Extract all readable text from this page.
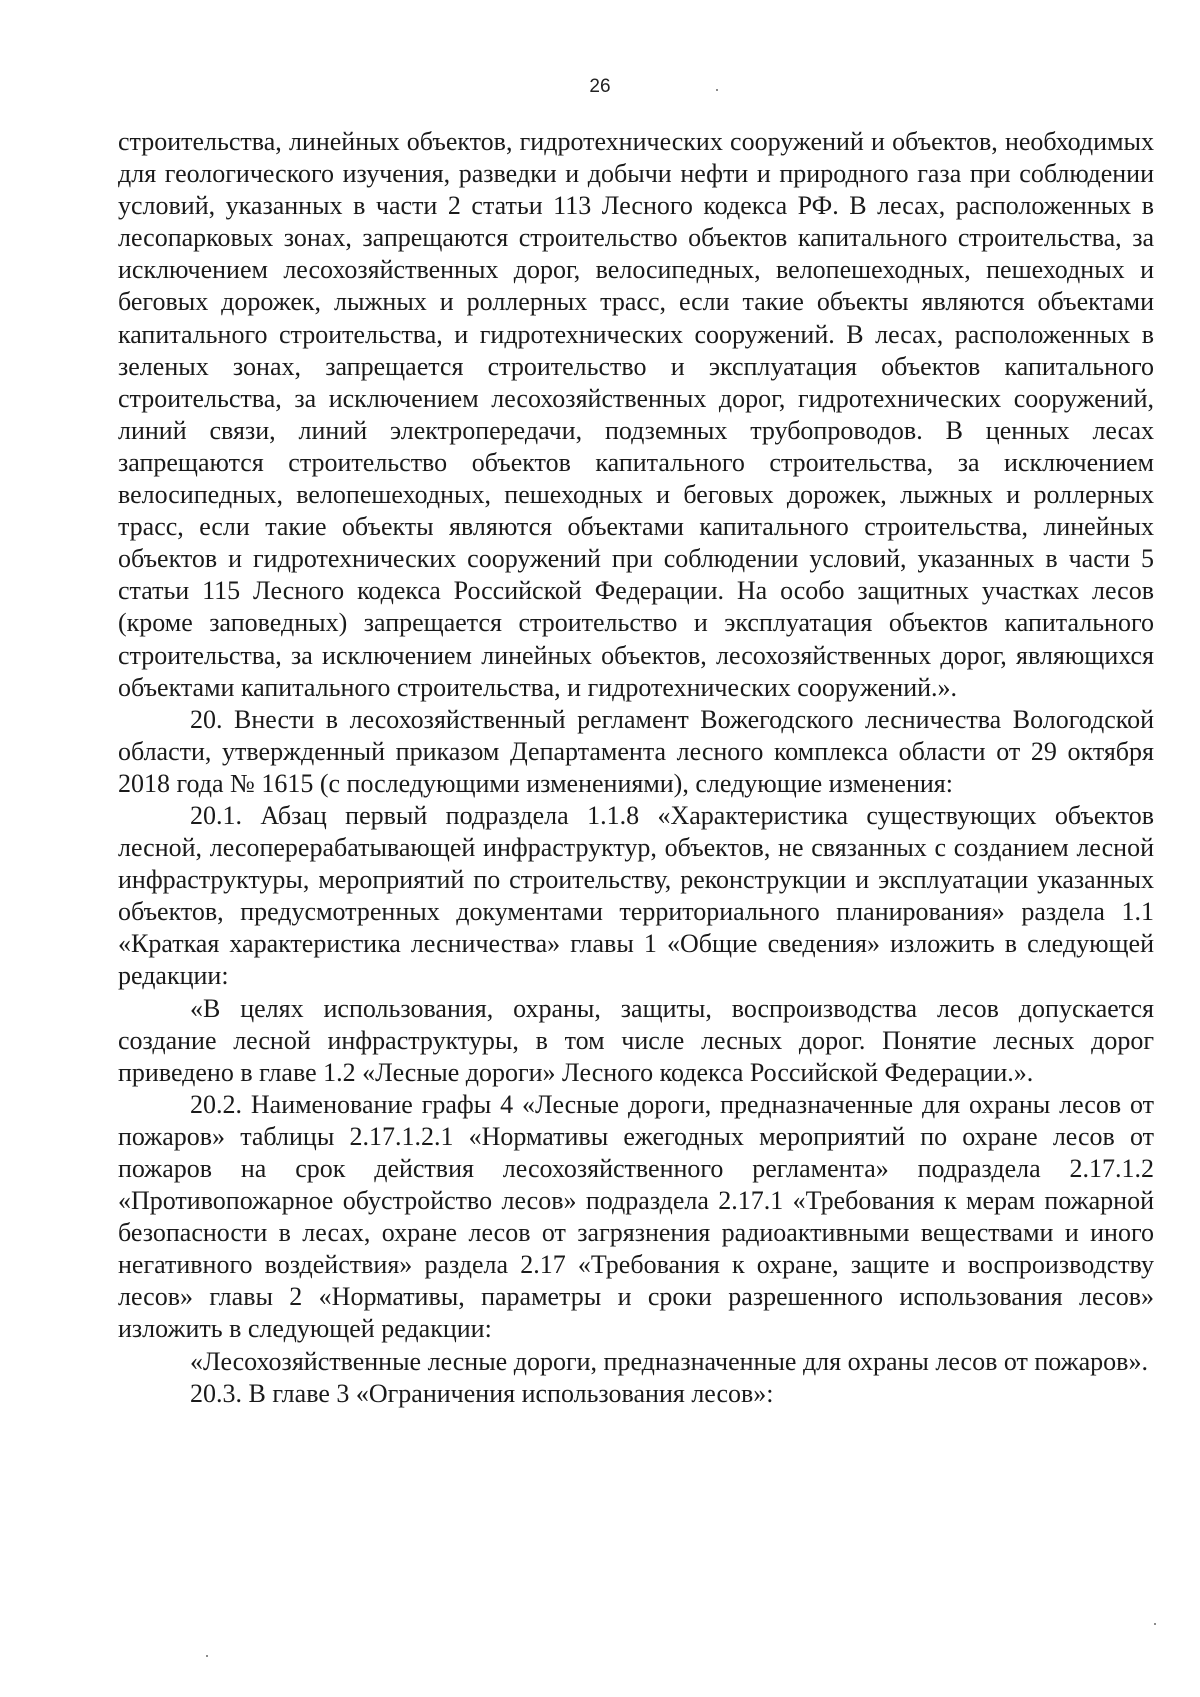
26

строительства, линейных объектов, гидротехнических сооружений и объектов, необходимых для геологического изучения, разведки и добычи нефти и природного газа при соблюдении условий, указанных в части 2 статьи 113 Лесного кодекса РФ. В лесах, расположенных в лесопарковых зонах, запрещаются строительство объектов капитального строительства, за исключением лесохозяйственных дорог, велосипедных, велопешеходных, пешеходных и беговых дорожек, лыжных и роллерных трасс, если такие объекты являются объектами капитального строительства, и гидротехнических сооружений. В лесах, расположенных в зеленых зонах, запрещается строительство и эксплуатация объектов капитального строительства, за исключением лесохозяйственных дорог, гидротехнических сооружений, линий связи, линий электропередачи, подземных трубопроводов. В ценных лесах запрещаются строительство объектов капитального строительства, за исключением велосипедных, велопешеходных, пешеходных и беговых дорожек, лыжных и роллерных трасс, если такие объекты являются объектами капитального строительства, линейных объектов и гидротехнических сооружений при соблюдении условий, указанных в части 5 статьи 115 Лесного кодекса Российской Федерации. На особо защитных участках лесов (кроме заповедных) запрещается строительство и эксплуатация объектов капитального строительства, за исключением линейных объектов, лесохозяйственных дорог, являющихся объектами капитального строительства, и гидротехнических сооружений.».

20. Внести в лесохозяйственный регламент Вожегодского лесничества Вологодской области, утвержденный приказом Департамента лесного комплекса области от 29 октября 2018 года № 1615 (с последующими изменениями), следующие изменения:

20.1. Абзац первый подраздела 1.1.8 «Характеристика существующих объектов лесной, лесоперерабатывающей инфраструктур, объектов, не связанных с созданием лесной инфраструктуры, мероприятий по строительству, реконструкции и эксплуатации указанных объектов, предусмотренных документами территориального планирования» раздела 1.1 «Краткая характеристика лесничества» главы 1 «Общие сведения» изложить в следующей редакции:

«В целях использования, охраны, защиты, воспроизводства лесов допускается создание лесной инфраструктуры, в том числе лесных дорог. Понятие лесных дорог приведено в главе 1.2 «Лесные дороги» Лесного кодекса Российской Федерации.».

20.2. Наименование графы 4 «Лесные дороги, предназначенные для охраны лесов от пожаров» таблицы 2.17.1.2.1 «Нормативы ежегодных мероприятий по охране лесов от пожаров на срок действия лесохозяйственного регламента» подраздела 2.17.1.2 «Противопожарное обустройство лесов» подраздела 2.17.1 «Требования к мерам пожарной безопасности в лесах, охране лесов от загрязнения радиоактивными веществами и иного негативного воздействия» раздела 2.17 «Требования к охране, защите и воспроизводству лесов» главы 2 «Нормативы, параметры и сроки разрешенного использования лесов» изложить в следующей редакции:

«Лесохозяйственные лесные дороги, предназначенные для охраны лесов от пожаров».

20.3. В главе 3 «Ограничения использования лесов»:
